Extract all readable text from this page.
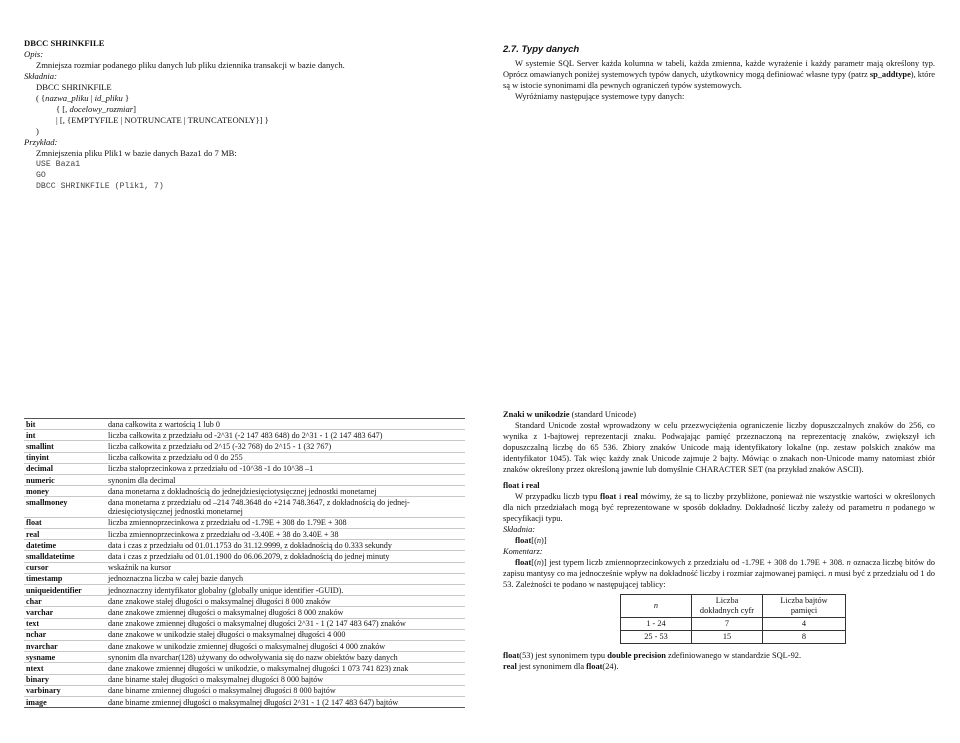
DBCC SHRINKFILE
Opis:
Zmniejsza rozmiar podanego pliku danych lub pliku dziennika transakcji w bazie danych.
Składnia:
DBCC SHRINKFILE
( {nazwa_pliku | id_pliku }
{ [, docelowy_rozmiar]
| [, {EMPTYFILE | NOTRUNCATE | TRUNCATEONLY}] }
)
Przykład:
Zmniejszenia pliku Plik1 w bazie danych Baza1 do 7 MB:
USE Baza1
GO
DBCC SHRINKFILE (Plik1, 7)
2.7. Typy danych
W systemie SQL Server każda kolumna w tabeli, każda zmienna, każde wyrażenie i każdy parametr mają określony typ. Oprócz omawianych poniżej systemowych typów danych, użytkownicy mogą definiować własne typy (patrz sp_addtype), które są w istocie synonimami dla pewnych ograniczeń typów systemowych.
Wyróżniamy następujące systemowe typy danych:
bit	dana całkowita z wartością 1 lub 0
int	liczba całkowita z przedziału od -2^31 (-2 147 483 648) do 2^31 - 1 (2 147 483 647)
smallint	liczba całkowita z przedziału od 2^15 (-32 768) do 2^15 - 1 (32 767)
tinyint	liczba całkowita z przedziału od 0 do 255
decimal	liczba stałoprzecinkowa z przedziału od -10^38 -1 do 10^38 –1
numeric	synonim dla decimal
money	dana monetarna z dokładnością do jednejdziesięciotysięcznej jednostki monetarnej
smallmoney	dana monetarna z przedziału od –214 748.3648 do +214 748.3647, z dokładnością do jednej-dziesięciotysięcznej jednostki monetarnej
float	liczba zmiennoprzecinkowa z przedziału od -1.79E + 308 do 1.79E + 308
real	liczba zmiennoprzecinkowa z przedziału od -3.40E + 38 do 3.40E + 38
datetime	data i czas z przedziału od 01.01.1753 do 31.12.9999, z dokładnością do 0.333 sekundy
smalldatetime	data i czas z przedziału od 01.01.1900 do 06.06.2079, z dokładnością do jednej minuty
cursor	wskaźnik na kursor
timestamp	jednoznaczna liczba w całej bazie danych
uniqueidentifier	jednoznaczny identyfikator globalny (globally unique identifier -GUID).
char	dane znakowe stałej długości o maksymalnej długości 8 000 znaków
varchar	dane znakowe zmiennej długości o maksymalnej długości 8 000 znaków
text	dane znakowe zmiennej długości o maksymalnej długości 2^31 - 1 (2 147 483 647) znaków
nchar	dane znakowe w unikodzie stałej długości o maksymalnej długości 4 000
nvarchar	dane znakowe w unikodzie zmiennej długości o maksymalnej długości 4 000 znaków
sysname	synonim dla nvarchar(128) używany do odwoływania się do nazw obiektów bazy danych
ntext	dane znakowe zmiennej długości w unikodzie, o maksymalnej długości 1 073 741 823) znak
binary	dane binarne stałej długości o maksymalnej długości 8 000 bajtów
varbinary	dane binarne zmiennej długości o maksymalnej długości 8 000 bajtów
image	dane binarne zmiennej długości o maksymalnej długości 2^31 - 1 (2 147 483 647) bajtów
Znaki w unikodzie (standard Unicode)
Standard Unicode został wprowadzony w celu przezwyciężenia ograniczenie liczby dopuszczalnych znaków do 256, co wynika z 1-bajtowej reprezentacji znaku. Podwajając pamięć przeznaczoną na reprezentację znaków, zwiększył ich dopuszczalną liczbę do 65 536. Zbiory znaków Unicode mają identyfikatory lokalne (np. zestaw polskich znaków ma identyfikator 1045). Tak więc każdy znak Unicode zajmuje 2 bajty. Mówiąc o znakach non-Unicode mamy natomiast zbiór znaków określony przez określoną jawnie lub domyślnie CHARACTER SET (na przykład znaków ASCII).
float i real
W przypadku liczb typu float i real mówimy, że są to liczby przybliżone, ponieważ nie wszystkie wartości w określonych dla nich przedziałach mogą być reprezentowane w sposób dokładny. Dokładność liczby zależy od parametru n podanego w specyfikacji typu.
Składnia:
float[(n)]
Komentarz:
float[(n)] jest typem liczb zmiennoprzecinkowych z przedziału od -1.79E + 308 do 1.79E + 308. n oznacza liczbę bitów do zapisu mantysy co ma jednocześnie wpływ na dokładność liczby i rozmiar zajmowanej pamięci. n musi być z przedziału od 1 do 53. Zależności te podano w następującej tablicy:
n	Liczba dokładnych cyfr	Liczba bajtów pamięci
1 - 24	7	4
25 - 53	15	8
float(53) jest synonimem typu double precision zdefiniowanego w standardzie SQL-92.
real jest synonimem dla float(24).
